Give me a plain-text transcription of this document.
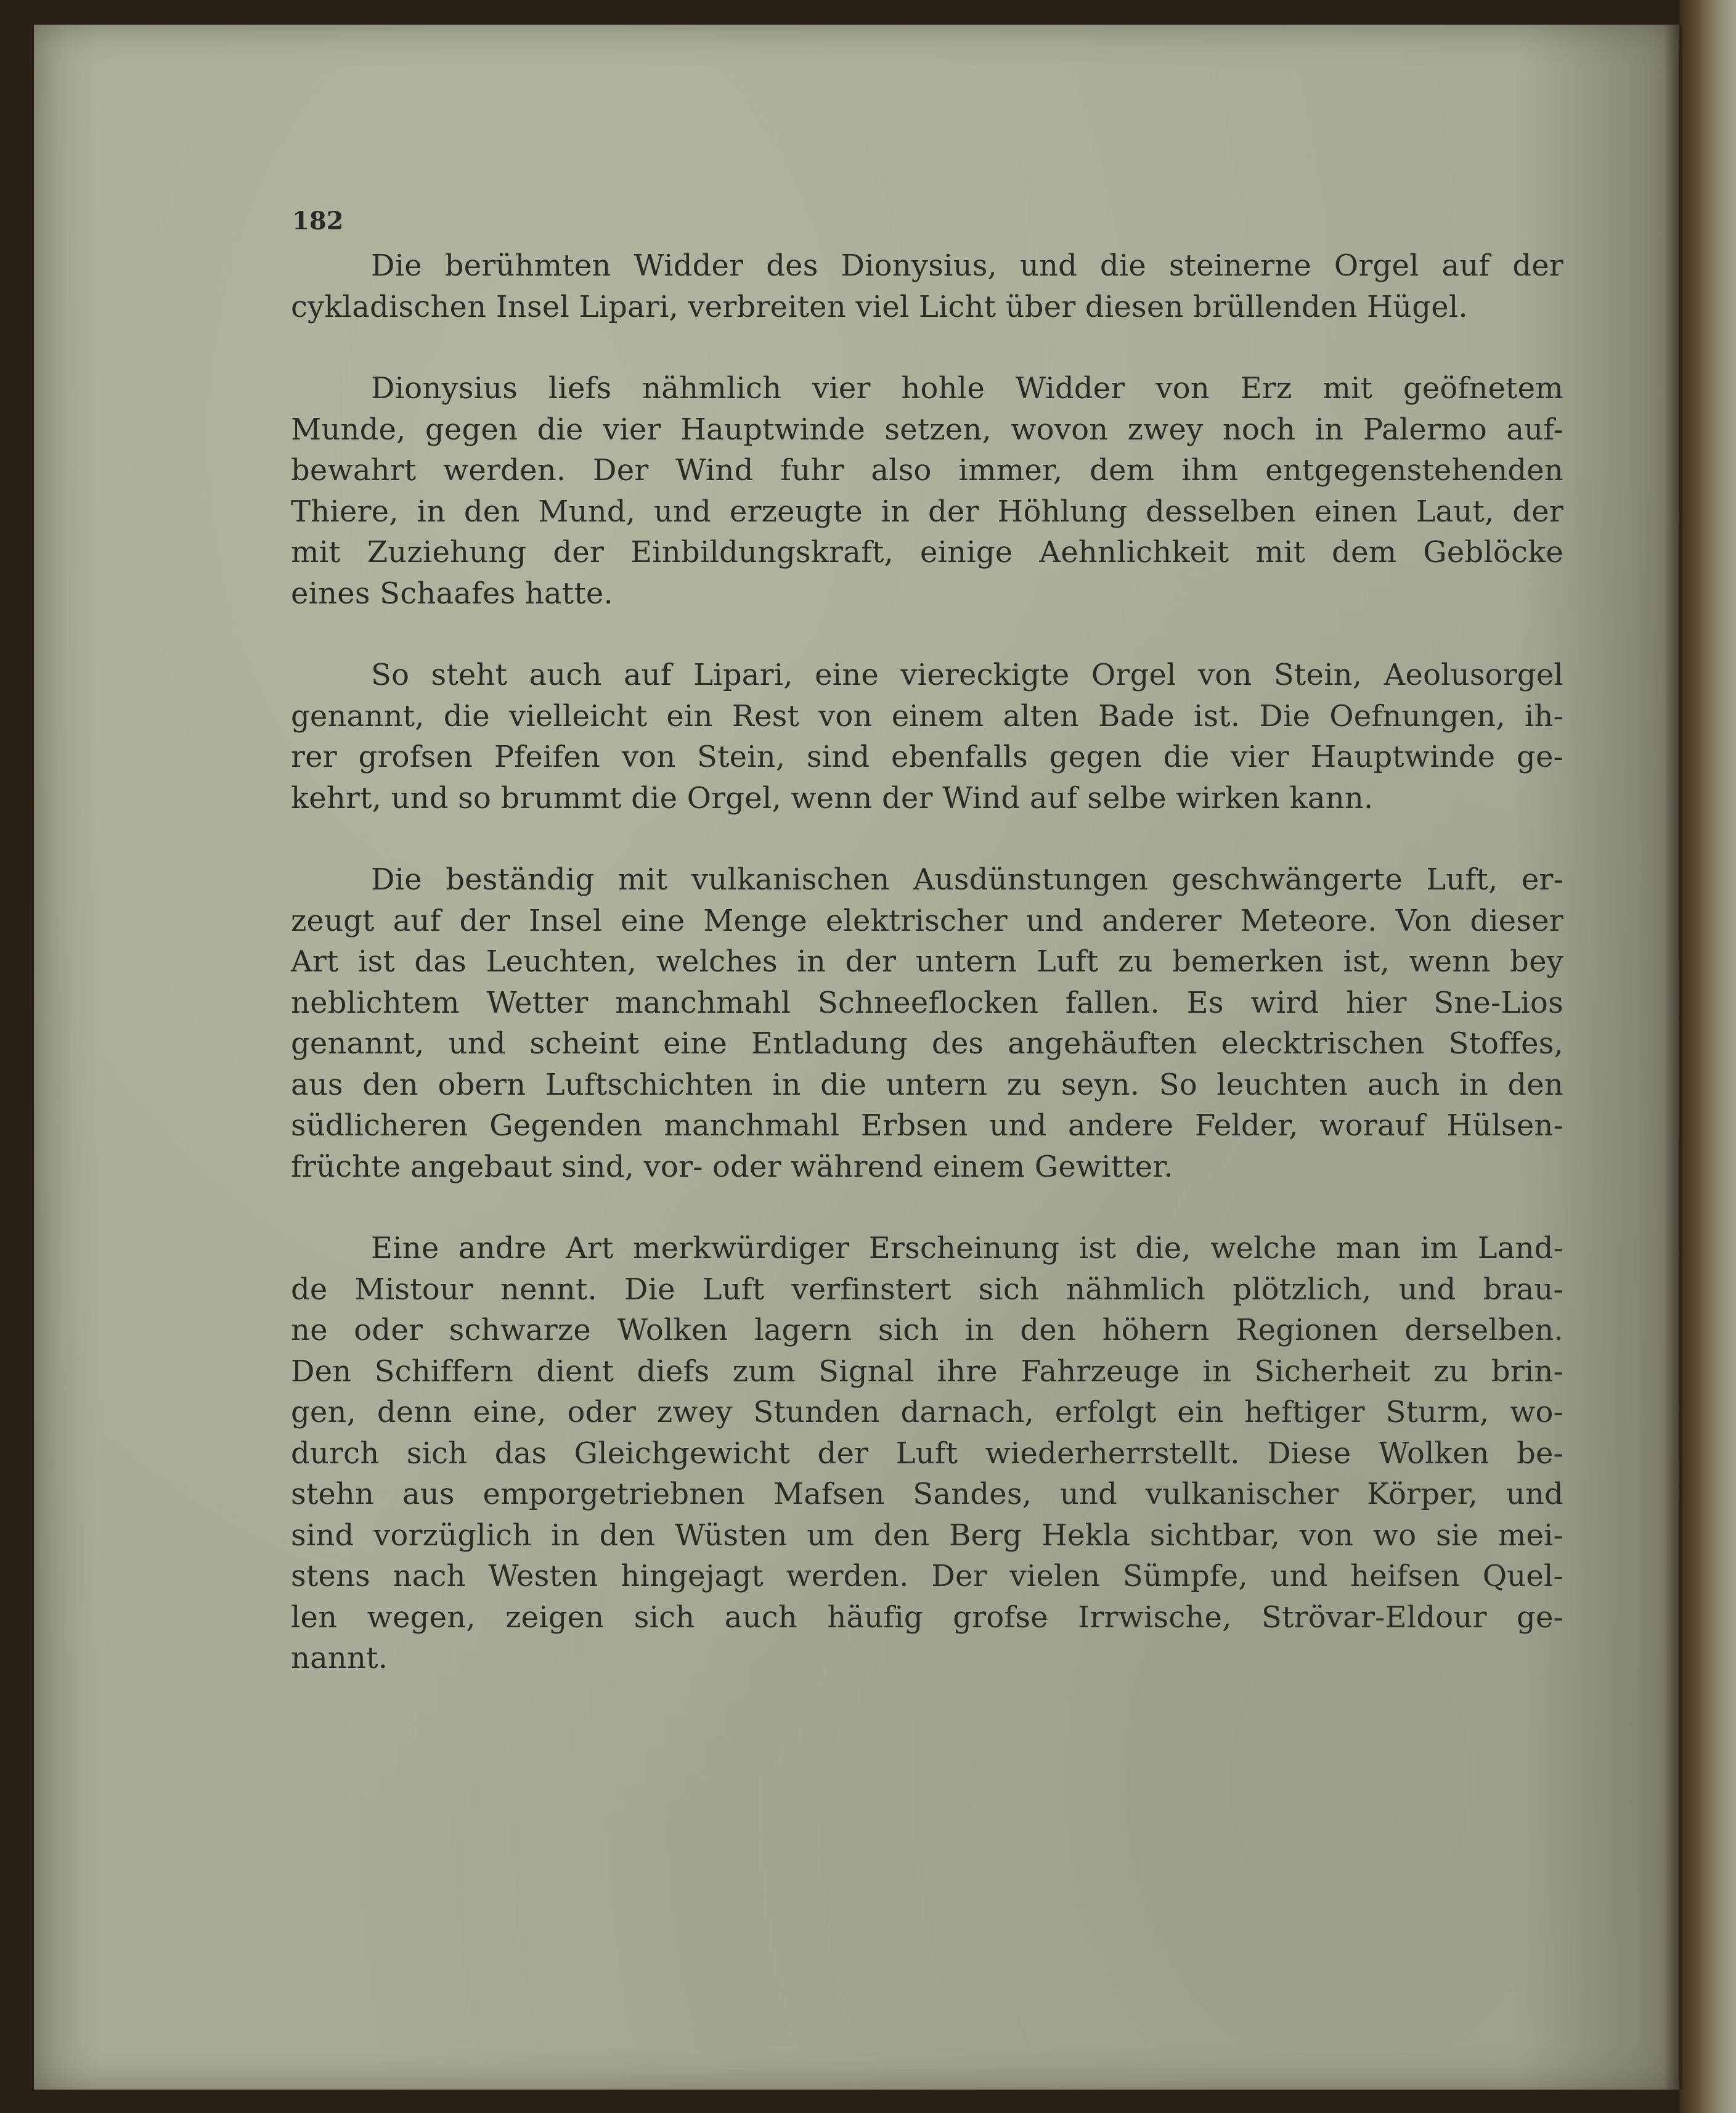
182
Die berühmten Widder des Dionysius, und die steinerne Orgel auf der
cykladischen Insel Lipari, verbreiten viel Licht über diesen brüllenden Hügel.
Dionysius liefs nähmlich vier hohle Widder von Erz mit geöfnetem
Munde, gegen die vier Hauptwinde setzen, wovon zwey noch in Palermo auf-
bewahrt werden. Der Wind fuhr also immer, dem ihm entgegenstehenden
Thiere, in den Mund, und erzeugte in der Höhlung desselben einen Laut, der
mit Zuziehung der Einbildungskraft, einige Aehnlichkeit mit dem Geblöcke
eines Schaafes hatte.
So steht auch auf Lipari, eine viereckigte Orgel von Stein, Aeolusorgel
genannt, die vielleicht ein Rest von einem alten Bade ist. Die Oefnungen, ih-
rer grofsen Pfeifen von Stein, sind ebenfalls gegen die vier Hauptwinde ge-
kehrt, und so brummt die Orgel, wenn der Wind auf selbe wirken kann.
Die beständig mit vulkanischen Ausdünstungen geschwängerte Luft, er-
zeugt auf der Insel eine Menge elektrischer und anderer Meteore. Von dieser
Art ist das Leuchten, welches in der untern Luft zu bemerken ist, wenn bey
neblichtem Wetter manchmahl Schneeflocken fallen. Es wird hier Sne-Lios
genannt, und scheint eine Entladung des angehäuften elecktrischen Stoffes,
aus den obern Luftschichten in die untern zu seyn. So leuchten auch in den
südlicheren Gegenden manchmahl Erbsen und andere Felder, worauf Hülsen-
früchte angebaut sind, vor- oder während einem Gewitter.
Eine andre Art merkwürdiger Erscheinung ist die, welche man im Land-
de Mistour nennt. Die Luft verfinstert sich nähmlich plötzlich, und brau-
ne oder schwarze Wolken lagern sich in den höhern Regionen derselben.
Den Schiffern dient diefs zum Signal ihre Fahrzeuge in Sicherheit zu brin-
gen, denn eine, oder zwey Stunden darnach, erfolgt ein heftiger Sturm, wo-
durch sich das Gleichgewicht der Luft wiederherrstellt. Diese Wolken be-
stehn aus emporgetriebnen Mafsen Sandes, und vulkanischer Körper, und
sind vorzüglich in den Wüsten um den Berg Hekla sichtbar, von wo sie mei-
stens nach Westen hingejagt werden. Der vielen Sümpfe, und heifsen Quel-
len wegen, zeigen sich auch häufig grofse Irrwische, Strövar-Eldour ge-
nannt.
